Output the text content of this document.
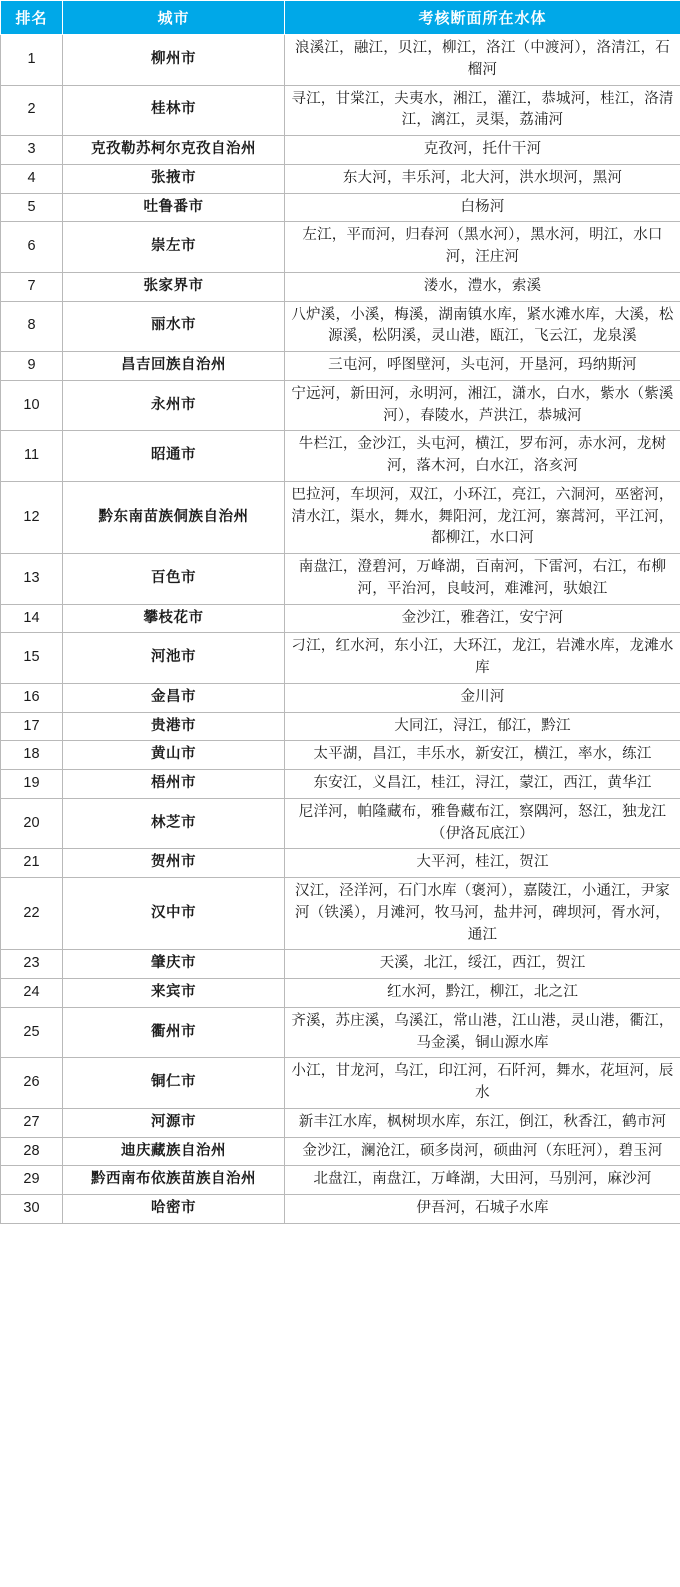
排名	城市	考核断面所在水体
1	柳州市	浪溪江，融江，贝江，柳江，洛江（中渡河），洛清江，石榴河
2	桂林市	寻江，甘棠江，夫夷水，湘江，灌江，恭城河，桂江，洛清江，漓江，灵渠，荔浦河
3	克孜勒苏柯尔克孜自治州	克孜河，托什干河
4	张掖市	东大河，丰乐河，北大河，洪水坝河，黑河
5	吐鲁番市	白杨河
6	崇左市	左江，平而河，归春河（黑水河），黑水河，明江，水口河，汪庄河
7	张家界市	溇水，澧水，索溪
8	丽水市	八炉溪，小溪，梅溪，湖南镇水库，紧水滩水库，大溪，松源溪，松阴溪，灵山港，瓯江，飞云江，龙泉溪
9	昌吉回族自治州	三屯河，呼图壁河，头屯河，开垦河，玛纳斯河
10	永州市	宁远河，新田河，永明河，湘江，潇水，白水，紫水（紫溪河），春陵水，芦洪江，恭城河
11	昭通市	牛栏江，金沙江，头屯河，横江，罗布河，赤水河，龙树河，落木河，白水江，洛亥河
12	黔东南苗族侗族自治州	巴拉河，车坝河，双江，小环江，亮江，六洞河，巫密河，清水江，渠水，舞水，舞阳河，龙江河，寨蒿河，平江河，都柳江，水口河
13	百色市	南盘江，澄碧河，万峰湖，百南河，下雷河，右江，布柳河，平治河，良岐河，难滩河，驮娘江
14	攀枝花市	金沙江，雅砻江，安宁河
15	河池市	刁江，红水河，东小江，大环江，龙江，岩滩水库，龙滩水库
16	金昌市	金川河
17	贵港市	大同江，浔江，郁江，黔江
18	黄山市	太平湖，昌江，丰乐水，新安江，横江，率水，练江
19	梧州市	东安江，义昌江，桂江，浔江，蒙江，西江，黄华江
20	林芝市	尼洋河，帕隆藏布，雅鲁藏布江，察隅河，怒江，独龙江（伊洛瓦底江）
21	贺州市	大平河，桂江，贺江
22	汉中市	汉江，泾洋河，石门水库（褒河），嘉陵江，小通江，尹家河（铁溪），月滩河，牧马河，盐井河，碑坝河，胥水河，通江
23	肇庆市	天溪，北江，绥江，西江，贺江
24	来宾市	红水河，黔江，柳江，北之江
25	衢州市	齐溪，苏庄溪，乌溪江，常山港，江山港，灵山港，衢江，马金溪，铜山源水库
26	铜仁市	小江，甘龙河，乌江，印江河，石阡河，舞水，花垣河，辰水
27	河源市	新丰江水库，枫树坝水库，东江，倒江，秋香江，鹤市河
28	迪庆藏族自治州	金沙江，澜沧江，硕多岗河，硕曲河（东旺河），碧玉河
29	黔西南布依族苗族自治州	北盘江，南盘江，万峰湖，大田河，马别河，麻沙河
30	哈密市	伊吾河，石城子水库
